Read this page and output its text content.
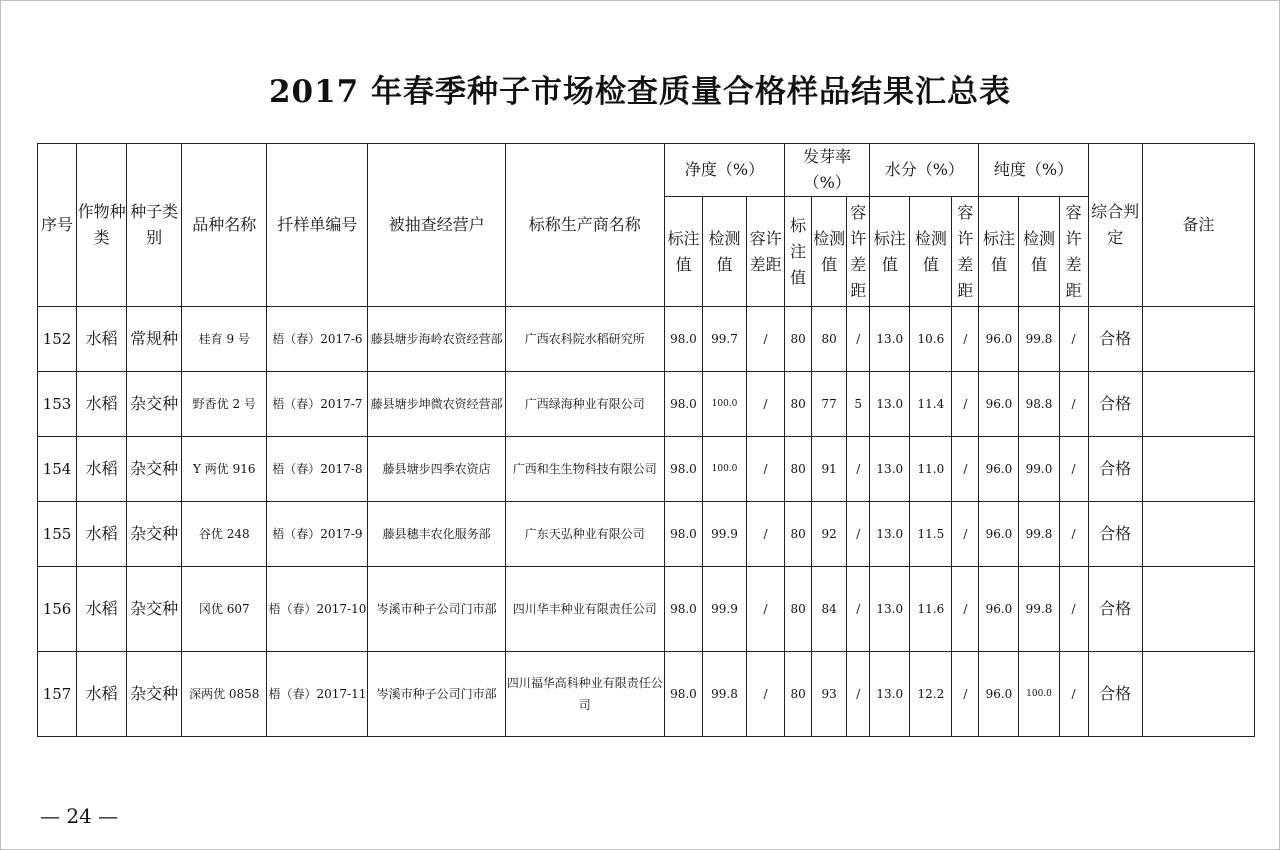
2017 年春季种子市场检查质量合格样品结果汇总表
序号	作物种类	种子类别	品种名称	扦样单编号	被抽查经营户	标称生产商名称	净度（%）			发芽率（%）			水分（%）			纯度（%）			综合判定	备注
							标注值	检测值	容许差距	标注值	检测值	容许差距	标注值	检测值	容许差距	标注值	检测值	容许差距		
152	水稻	常规种	桂育 9 号	梧（春）2017-6	藤县塘步海岭农资经营部	广西农科院水稻研究所	98.0	99.7	/	80	80	/	13.0	10.6	/	96.0	99.8	/	合格	
153	水稻	杂交种	野香优 2 号	梧（春）2017-7	藤县塘步坤微农资经营部	广西绿海种业有限公司	98.0	100.0	/	80	77	5	13.0	11.4	/	96.0	98.8	/	合格	
154	水稻	杂交种	Y 两优 916	梧（春）2017-8	藤县塘步四季农资店	广西和生生物科技有限公司	98.0	100.0	/	80	91	/	13.0	11.0	/	96.0	99.0	/	合格	
155	水稻	杂交种	谷优 248	梧（春）2017-9	藤县穗丰农化服务部	广东天弘种业有限公司	98.0	99.9	/	80	92	/	13.0	11.5	/	96.0	99.8	/	合格	
156	水稻	杂交种	冈优 607	梧（春）2017-10	岑溪市种子公司门市部	四川华丰种业有限责任公司	98.0	99.9	/	80	84	/	13.0	11.6	/	96.0	99.8	/	合格	
157	水稻	杂交种	深两优 0858	梧（春）2017-11	岑溪市种子公司门市部	四川福华高科种业有限责任公司	98.0	99.8	/	80	93	/	13.0	12.2	/	96.0	100.0	/	合格	
— 24 —
